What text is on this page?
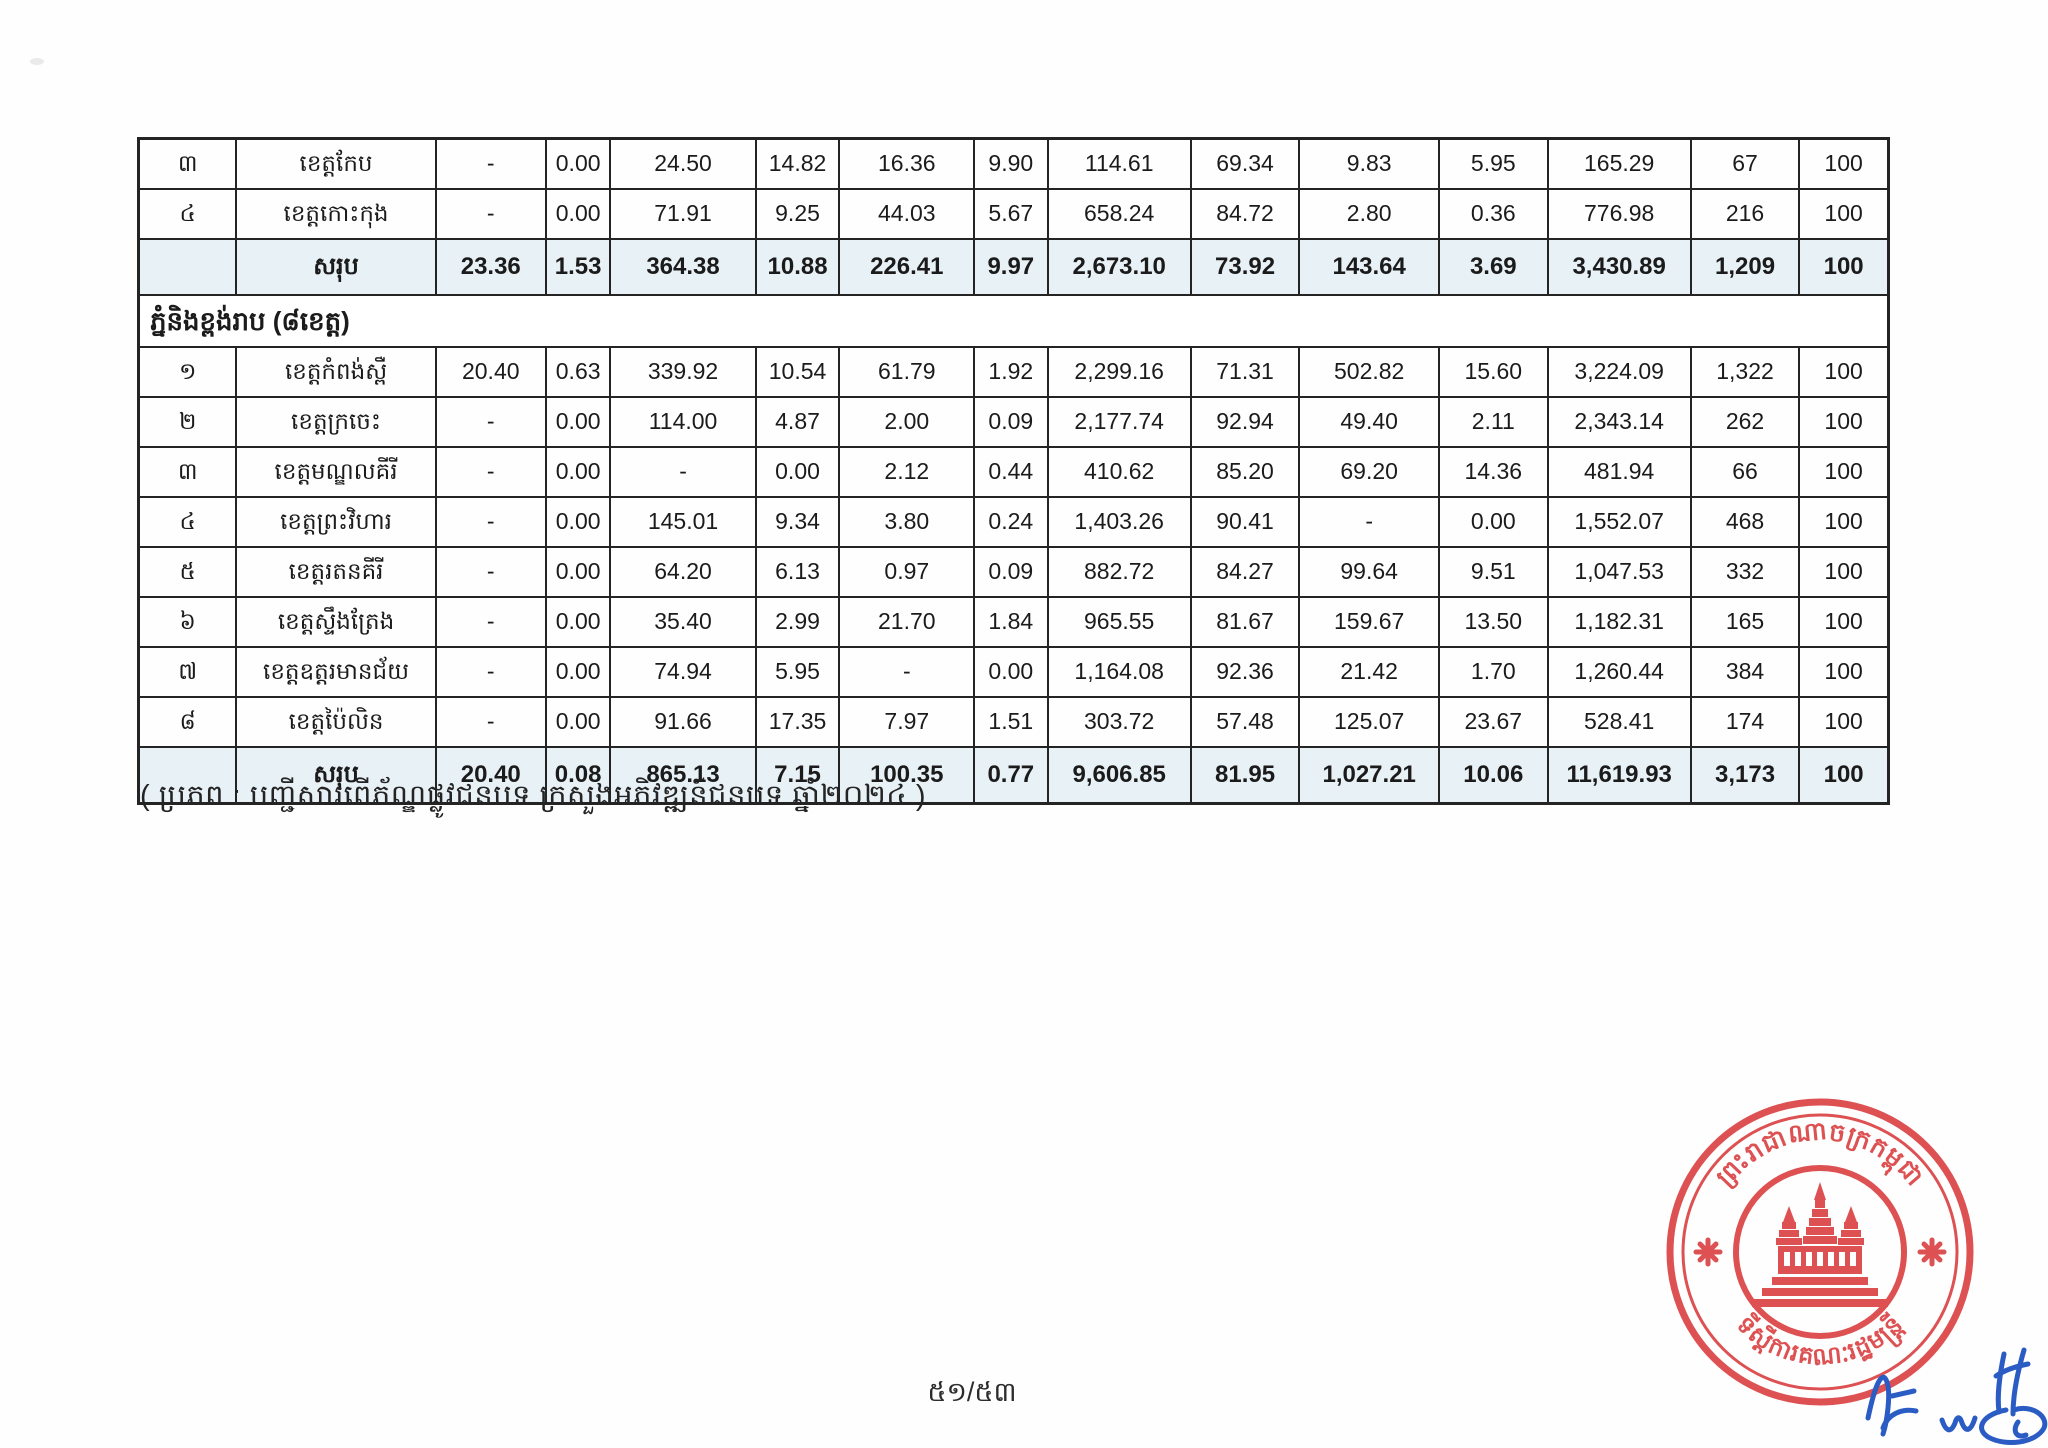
៣	ខេត្តកែប	-	0.00	24.50	14.82	16.36	9.90	114.61	69.34	9.83	5.95	165.29	67	100
៤	ខេត្តកោះកុង	-	0.00	71.91	9.25	44.03	5.67	658.24	84.72	2.80	0.36	776.98	216	100
	សរុប	23.36	1.53	364.38	10.88	226.41	9.97	2,673.10	73.92	143.64	3.69	3,430.89	1,209	100
ភ្នំនិងខ្ពង់រាប (៨ខេត្ត)														
១	ខេត្តកំពង់ស្ពឺ	20.40	0.63	339.92	10.54	61.79	1.92	2,299.16	71.31	502.82	15.60	3,224.09	1,322	100
២	ខេត្តក្រចេះ	-	0.00	114.00	4.87	2.00	0.09	2,177.74	92.94	49.40	2.11	2,343.14	262	100
៣	ខេត្តមណ្ឌលគីរី	-	0.00	-	0.00	2.12	0.44	410.62	85.20	69.20	14.36	481.94	66	100
៤	ខេត្តព្រះវិហារ	-	0.00	145.01	9.34	3.80	0.24	1,403.26	90.41	-	0.00	1,552.07	468	100
៥	ខេត្តរតនគីរី	-	0.00	64.20	6.13	0.97	0.09	882.72	84.27	99.64	9.51	1,047.53	332	100
៦	ខេត្តស្ទឹងត្រែង	-	0.00	35.40	2.99	21.70	1.84	965.55	81.67	159.67	13.50	1,182.31	165	100
៧	ខេត្តឧត្តរមានជ័យ	-	0.00	74.94	5.95	-	0.00	1,164.08	92.36	21.42	1.70	1,260.44	384	100
៨	ខេត្តប៉ៃលិន	-	0.00	91.66	17.35	7.97	1.51	303.72	57.48	125.07	23.67	528.41	174	100
	សរុប	20.40	0.08	865.13	7.15	100.35	0.77	9,606.85	81.95	1,027.21	10.06	11,619.93	3,173	100
( ប្រភព : បញ្ជីសារពើភ័ណ្ឌផ្លូវជនបទ ក្រសួងអភិវឌ្ឍន៍ជនបទ ឆ្នាំ២០២៤ )
៥១/៥៣
ព្រះរាជាណាចក្រកម្ពុជា
ទីស្តីការគណៈរដ្ឋមន្ត្រី
